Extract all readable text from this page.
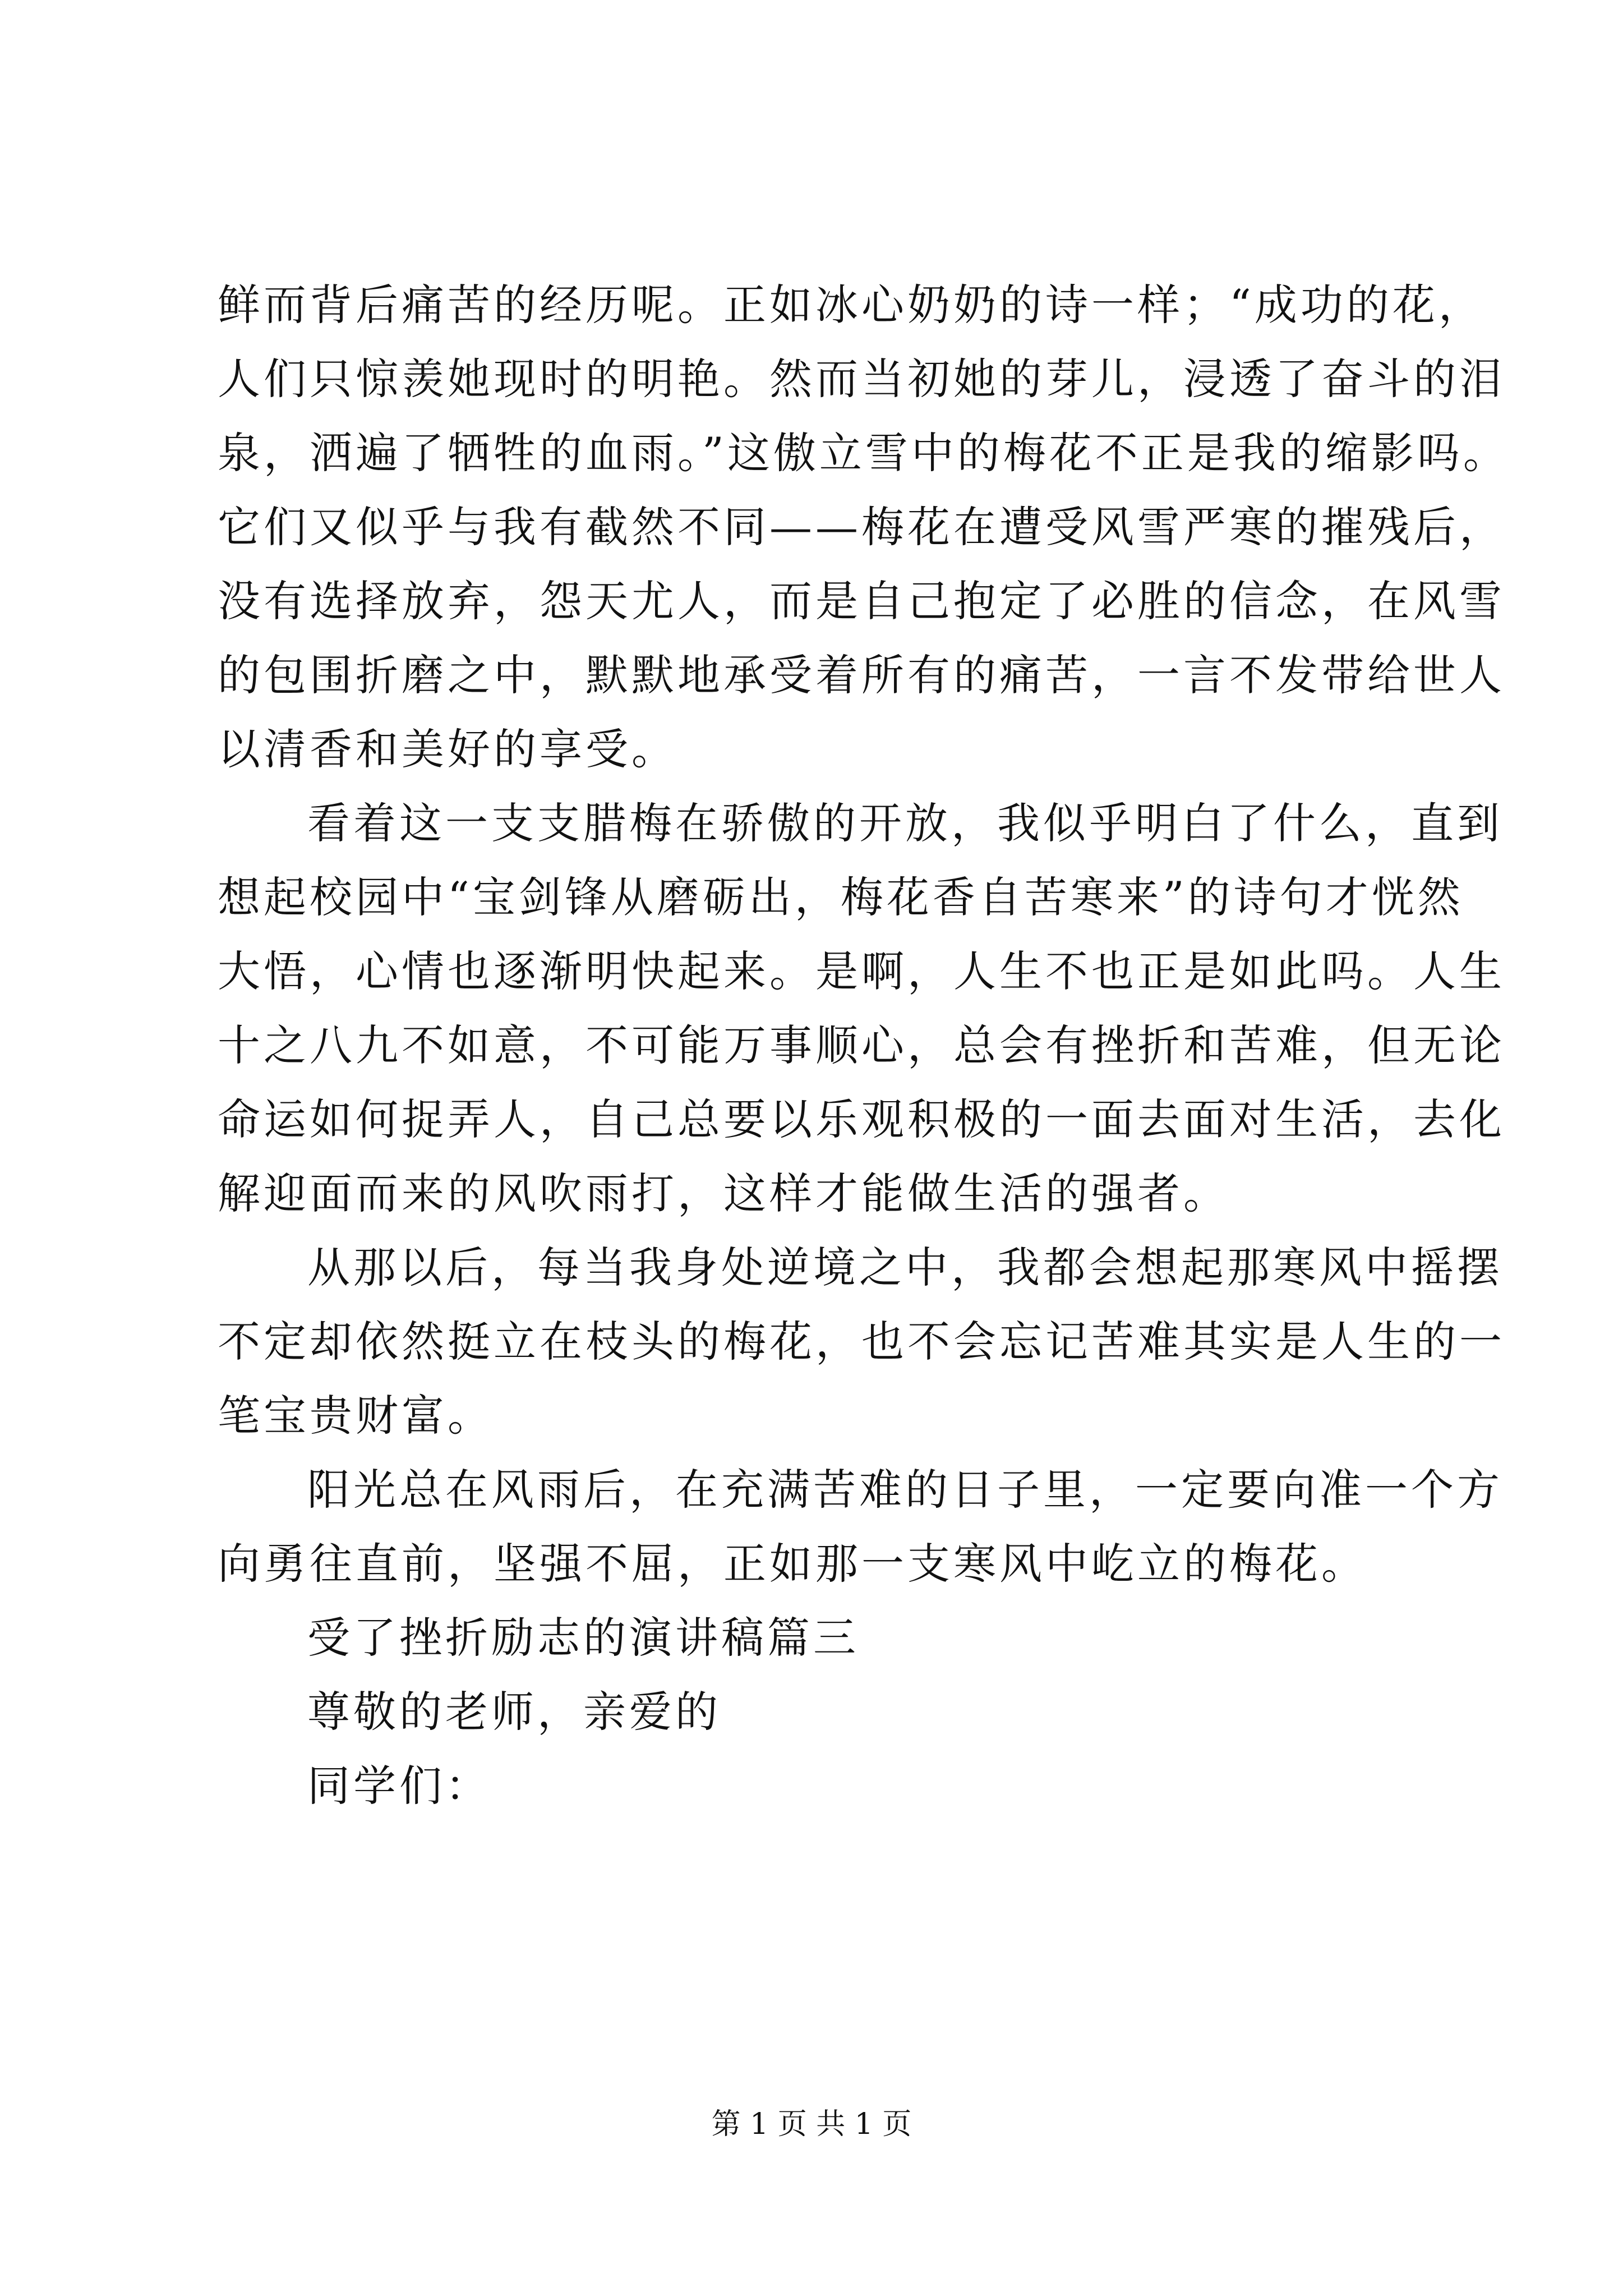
鲜而背后痛苦的经历呢。正如冰心奶奶的诗一样；“成功的花，
人们只惊羡她现时的明艳。然而当初她的芽儿，浸透了奋斗的泪
泉，洒遍了牺牲的血雨。”这傲立雪中的梅花不正是我的缩影吗。
它们又似乎与我有截然不同——梅花在遭受风雪严寒的摧残后，
没有选择放弃，怨天尤人，而是自己抱定了必胜的信念，在风雪
的包围折磨之中，默默地承受着所有的痛苦，一言不发带给世人
以清香和美好的享受。
看着这一支支腊梅在骄傲的开放，我似乎明白了什么，直到
想起校园中“宝剑锋从磨砺出，梅花香自苦寒来”的诗句才恍然
大悟，心情也逐渐明快起来。是啊，人生不也正是如此吗。人生
十之八九不如意，不可能万事顺心，总会有挫折和苦难，但无论
命运如何捉弄人，自己总要以乐观积极的一面去面对生活，去化
解迎面而来的风吹雨打，这样才能做生活的强者。
从那以后，每当我身处逆境之中，我都会想起那寒风中摇摆
不定却依然挺立在枝头的梅花，也不会忘记苦难其实是人生的一
笔宝贵财富。
阳光总在风雨后，在充满苦难的日子里，一定要向准一个方
向勇往直前，坚强不屈，正如那一支寒风中屹立的梅花。
受了挫折励志的演讲稿篇三
尊敬的老师，亲爱的
同学们：
第 1 页 共 1 页
